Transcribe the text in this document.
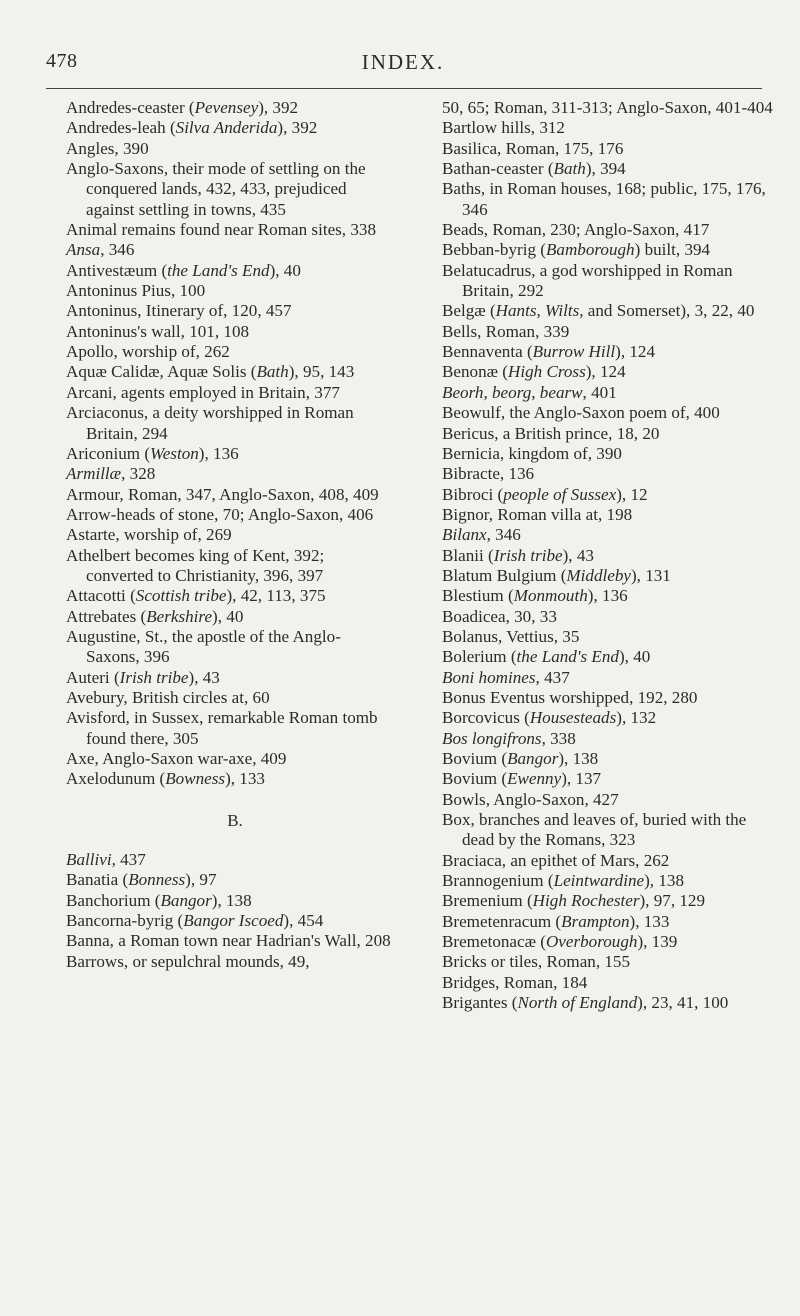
478	INDEX.

Andredes-ceaster (Pevensey), 392

Andredes-leah (Silva Anderida), 392

Angles, 390

Anglo-Saxons, their mode of settling on the conquered lands, 432, 433, prejudiced against settling in towns, 435

Animal remains found near Roman sites, 338

Ansa, 346

Antivestæum (the Land's End), 40

Antoninus Pius, 100

Antoninus, Itinerary of, 120, 457

Antoninus's wall, 101, 108

Apollo, worship of, 262

Aquæ Calidæ, Aquæ Solis (Bath), 95, 143

Arcani, agents employed in Britain, 377

Arciaconus, a deity worshipped in Roman Britain, 294

Ariconium (Weston), 136

Armillæ, 328

Armour, Roman, 347, Anglo-Saxon, 408, 409

Arrow-heads of stone, 70; Anglo-Saxon, 406

Astarte, worship of, 269

Athelbert becomes king of Kent, 392; converted to Christianity, 396, 397

Attacotti (Scottish tribe), 42, 113, 375

Attrebates (Berkshire), 40

Augustine, St., the apostle of the Anglo-Saxons, 396

Auteri (Irish tribe), 43

Avebury, British circles at, 60

Avisford, in Sussex, remarkable Roman tomb found there, 305

Axe, Anglo-Saxon war-axe, 409

Axelodunum (Bowness), 133

B.

Ballivi, 437

Banatia (Bonness), 97

Banchorium (Bangor), 138

Bancorna-byrig (Bangor Iscoed), 454

Banna, a Roman town near Hadrian's Wall, 208

Barrows, or sepulchral mounds, 49,

50, 65; Roman, 311-313; Anglo-Saxon, 401-404

Bartlow hills, 312

Basilica, Roman, 175, 176

Bathan-ceaster (Bath), 394

Baths, in Roman houses, 168; public, 175, 176, 346

Beads, Roman, 230; Anglo-Saxon, 417

Bebban-byrig (Bamborough) built, 394

Belatucadrus, a god worshipped in Roman Britain, 292

Belgæ (Hants, Wilts, and Somerset), 3, 22, 40

Bells, Roman, 339

Bennaventa (Burrow Hill), 124

Benonæ (High Cross), 124

Beorh, beorg, bearw, 401

Beowulf, the Anglo-Saxon poem of, 400

Bericus, a British prince, 18, 20

Bernicia, kingdom of, 390

Bibracte, 136

Bibroci (people of Sussex), 12

Bignor, Roman villa at, 198

Bilanx, 346

Blanii (Irish tribe), 43

Blatum Bulgium (Middleby), 131

Blestium (Monmouth), 136

Boadicea, 30, 33

Bolanus, Vettius, 35

Bolerium (the Land's End), 40

Boni homines, 437

Bonus Eventus worshipped, 192, 280

Borcovicus (Housesteads), 132

Bos longifrons, 338

Bovium (Bangor), 138

Bovium (Ewenny), 137

Bowls, Anglo-Saxon, 427

Box, branches and leaves of, buried with the dead by the Romans, 323

Braciaca, an epithet of Mars, 262

Brannogenium (Leintwardine), 138

Bremenium (High Rochester), 97, 129

Bremetenracum (Brampton), 133

Bremetonacæ (Overborough), 139

Bricks or tiles, Roman, 155

Bridges, Roman, 184

Brigantes (North of England), 23, 41, 100
